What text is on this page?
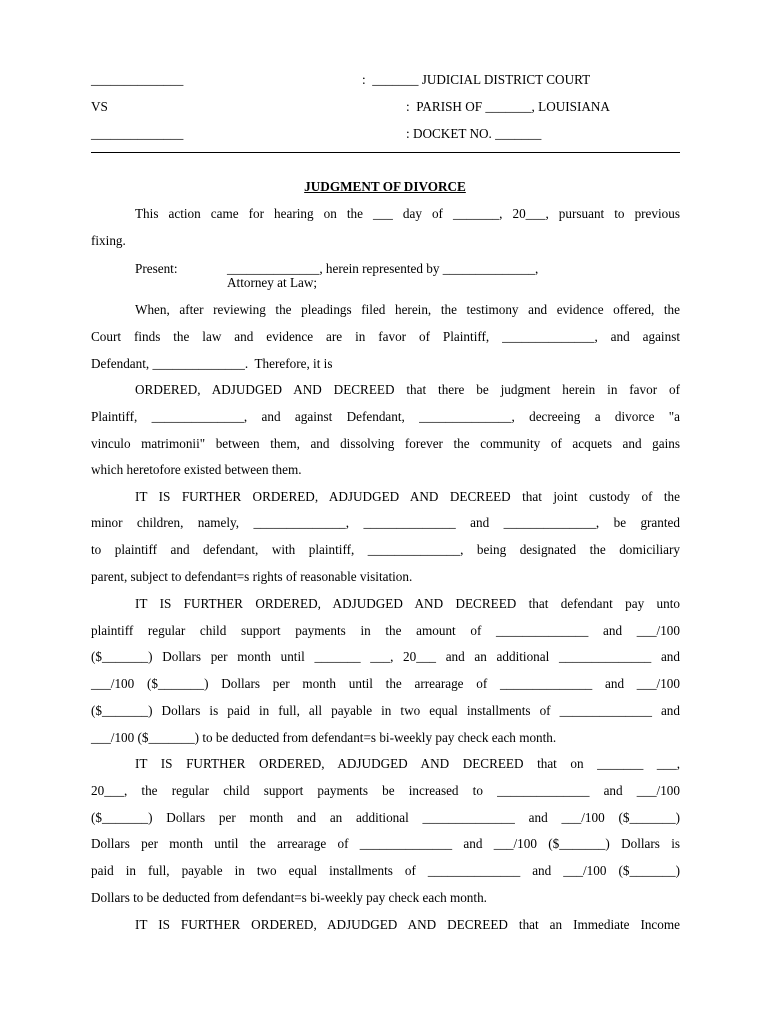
______________	:  _______ JUDICIAL DISTRICT COURT
VS	:  PARISH OF _______, LOUISIANA
______________	: DOCKET NO. _______
JUDGMENT OF DIVORCE
This action came for hearing on the ___ day of _______, 20___, pursuant to previous
fixing.
Present:	______________, herein represented by ______________,
Attorney at Law;
When, after reviewing the pleadings filed herein, the testimony and evidence offered, the
Court finds the law and evidence are in favor of Plaintiff, ______________, and against
Defendant, ______________.  Therefore, it is
ORDERED, ADJUDGED AND DECREED that there be judgment herein in favor of
Plaintiff, ______________, and against Defendant, ______________, decreeing a divorce "a
vinculo matrimonii" between them, and dissolving forever the community of acquets and gains
which heretofore existed between them.
IT IS FURTHER ORDERED, ADJUDGED AND DECREED that joint custody of the
minor children, namely, ______________, ______________ and ______________, be granted
to plaintiff and defendant, with plaintiff, ______________, being designated the domiciliary
parent, subject to defendant=s rights of reasonable visitation.
IT IS FURTHER ORDERED, ADJUDGED AND DECREED that defendant pay unto
plaintiff regular child support payments in the amount of ______________ and ___/100
($_______) Dollars per month until _______ ___, 20___ and an additional ______________ and
___/100 ($_______) Dollars per month until the arrearage of ______________ and ___/100
($_______) Dollars is paid in full, all payable in two equal installments of ______________ and
___/100 ($_______) to be deducted from defendant=s bi-weekly pay check each month.
IT IS FURTHER ORDERED, ADJUDGED AND DECREED that on _______ ___,
20___, the regular child support payments be increased to ______________ and ___/100
($_______) Dollars per month and an additional ______________ and ___/100 ($_______)
Dollars per month until the arrearage of ______________ and ___/100 ($_______) Dollars is
paid in full, payable in two equal installments of ______________ and ___/100 ($_______)
Dollars to be deducted from defendant=s bi-weekly pay check each month.
IT IS FURTHER ORDERED, ADJUDGED AND DECREED that an Immediate Income
